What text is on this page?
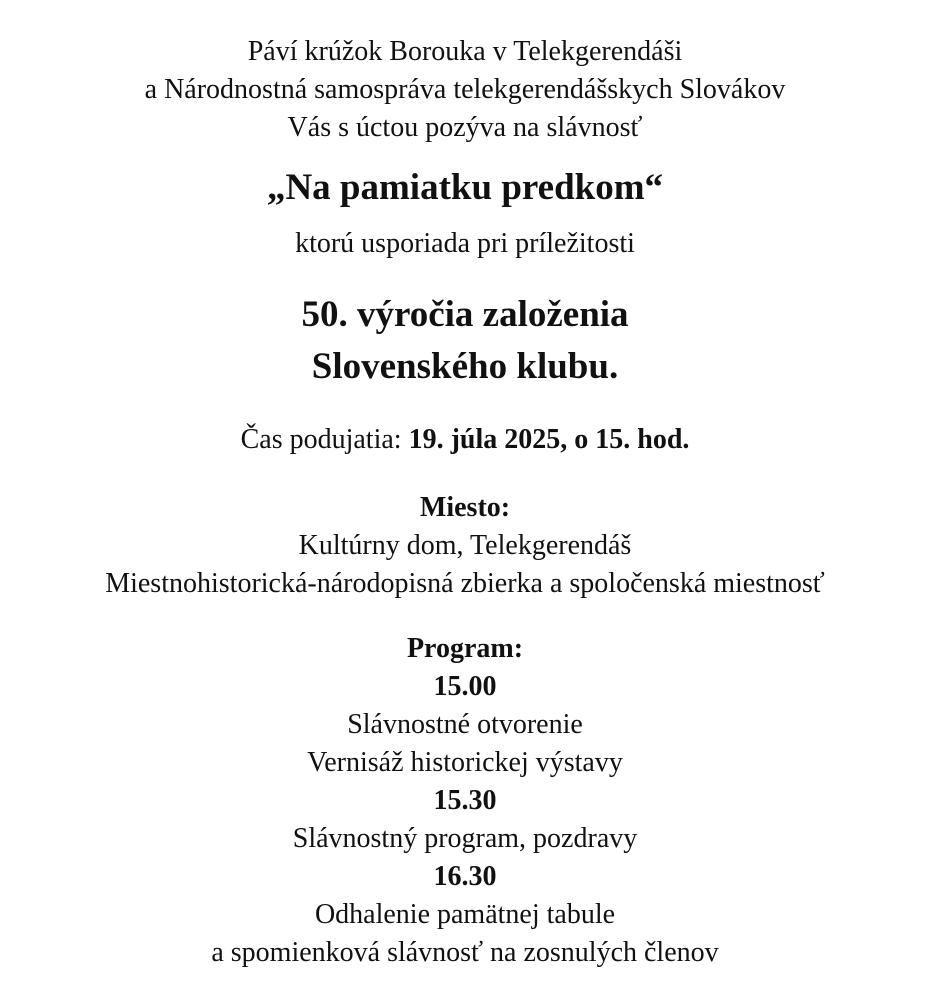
Páví krúžok Borouka v Telekgerendáši

a Národnostná samospráva telekgerendášskych Slovákov

Vás s úctou pozýva na slávnosť

„Na pamiatku predkom“

ktorú usporiada pri príležitosti

50. výročia založenia

Slovenského klubu.

Čas podujatia: 19. júla 2025, o 15. hod.

Miesto:

Kultúrny dom, Telekgerendáš

Miestnohistorická-národopisná zbierka a spoločenská miestnosť

Program:

15.00

Slávnostné otvorenie

Vernisáž historickej výstavy

15.30

Slávnostný program, pozdravy

16.30

Odhalenie pamätnej tabule

a spomienková slávnosť na zosnulých členov
